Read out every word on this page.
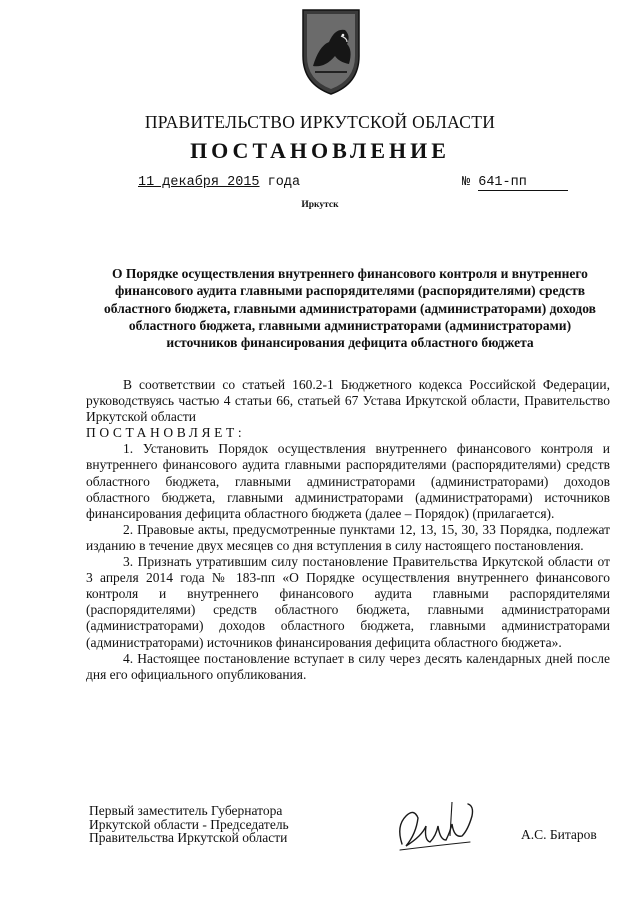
ПРАВИТЕЛЬСТВО ИРКУТСКОЙ ОБЛАСТИ
ПОСТАНОВЛЕНИЕ
11 декабря 2015 года	№ 641-пп
Иркутск
О Порядке осуществления внутреннего финансового контроля и внутреннего финансового аудита главными распорядителями (распорядителями) средств областного бюджета, главными администраторами (администраторами) доходов областного бюджета, главными администраторами (администраторами) источников финансирования дефицита областного бюджета

В соответствии со статьей 160.2-1 Бюджетного кодекса Российской Федерации, руководствуясь частью 4 статьи 66, статьей 67 Устава Иркутской области, Правительство Иркутской области

ПОСТАНОВЛЯЕТ:

1. Установить Порядок осуществления внутреннего финансового контроля и внутреннего финансового аудита главными распорядителями (распорядителями) средств областного бюджета, главными администраторами (администраторами) доходов областного бюджета, главными администраторами (администраторами) источников финансирования дефицита областного бюджета (далее – Порядок) (прилагается).

2. Правовые акты, предусмотренные пунктами 12, 13, 15, 30, 33 Порядка, подлежат изданию в течение двух месяцев со дня вступления в силу настоящего постановления.

3. Признать утратившим силу постановление Правительства Иркутской области от 3 апреля 2014 года № 183-пп «О Порядке осуществления внутреннего финансового контроля и внутреннего финансового аудита главными распорядителями (распорядителями) средств областного бюджета, главными администраторами (администраторами) доходов областного бюджета, главными администраторами (администраторами) источников финансирования дефицита областного бюджета».

4. Настоящее постановление вступает в силу через десять календарных дней после дня его официального опубликования.

Первый заместитель Губернатора
Иркутской области - Председатель
Правительства Иркутской области	А.С. Битаров
